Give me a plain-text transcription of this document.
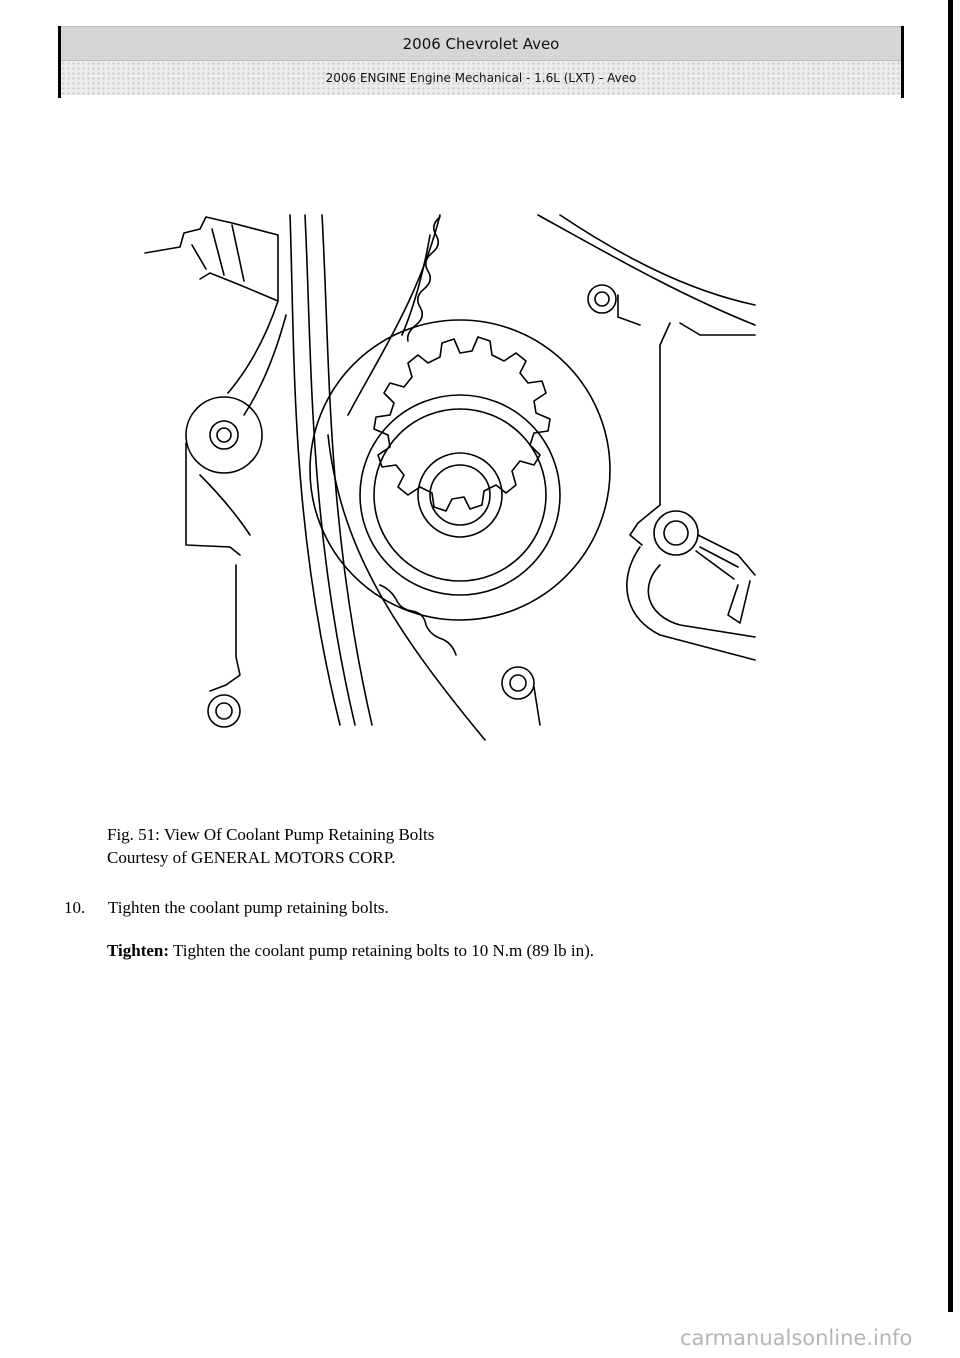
2006 Chevrolet Aveo
2006 ENGINE Engine Mechanical - 1.6L (LXT) - Aveo
Fig. 51: View Of Coolant Pump Retaining Bolts
Courtesy of GENERAL MOTORS CORP.
10. Tighten the coolant pump retaining bolts.
Tighten: Tighten the coolant pump retaining bolts to 10 N.m (89 lb in).
carmanualsonline.info
